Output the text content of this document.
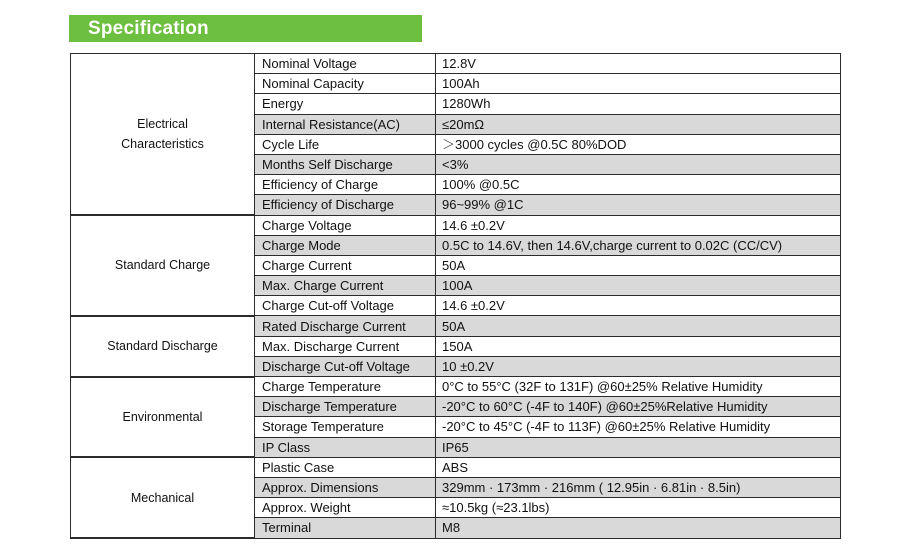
Specification
Electrical Characteristics	Nominal Voltage	12.8V
	Nominal Capacity	100Ah
	Energy	1280Wh
	Internal Resistance(AC)	≤20mΩ
	Cycle Life	＞3000 cycles @0.5C 80%DOD
	Months Self Discharge	<3%
	Efficiency of Charge	100% @0.5C
	Efficiency of Discharge	96~99% @1C
Standard Charge	Charge Voltage	14.6 ±0.2V
	Charge Mode	0.5C to 14.6V, then 14.6V,charge current to 0.02C (CC/CV)
	Charge Current	50A
	Max. Charge Current	100A
	Charge Cut-off Voltage	14.6 ±0.2V
Standard Discharge	Rated Discharge Current	50A
	Max. Discharge Current	150A
	Discharge Cut-off Voltage	10 ±0.2V
Environmental	Charge Temperature	0°C to 55°C (32F to 131F) @60±25% Relative Humidity
	Discharge Temperature	-20°C to 60°C (-4F to 140F) @60±25%Relative Humidity
	Storage Temperature	-20°C to 45°C (-4F to 113F) @60±25% Relative Humidity
	IP Class	IP65
Mechanical	Plastic Case	ABS
	Approx. Dimensions	329mm · 173mm · 216mm ( 12.95in · 6.81in · 8.5in)
	Approx. Weight	≈10.5kg (≈23.1lbs)
	Terminal	M8
